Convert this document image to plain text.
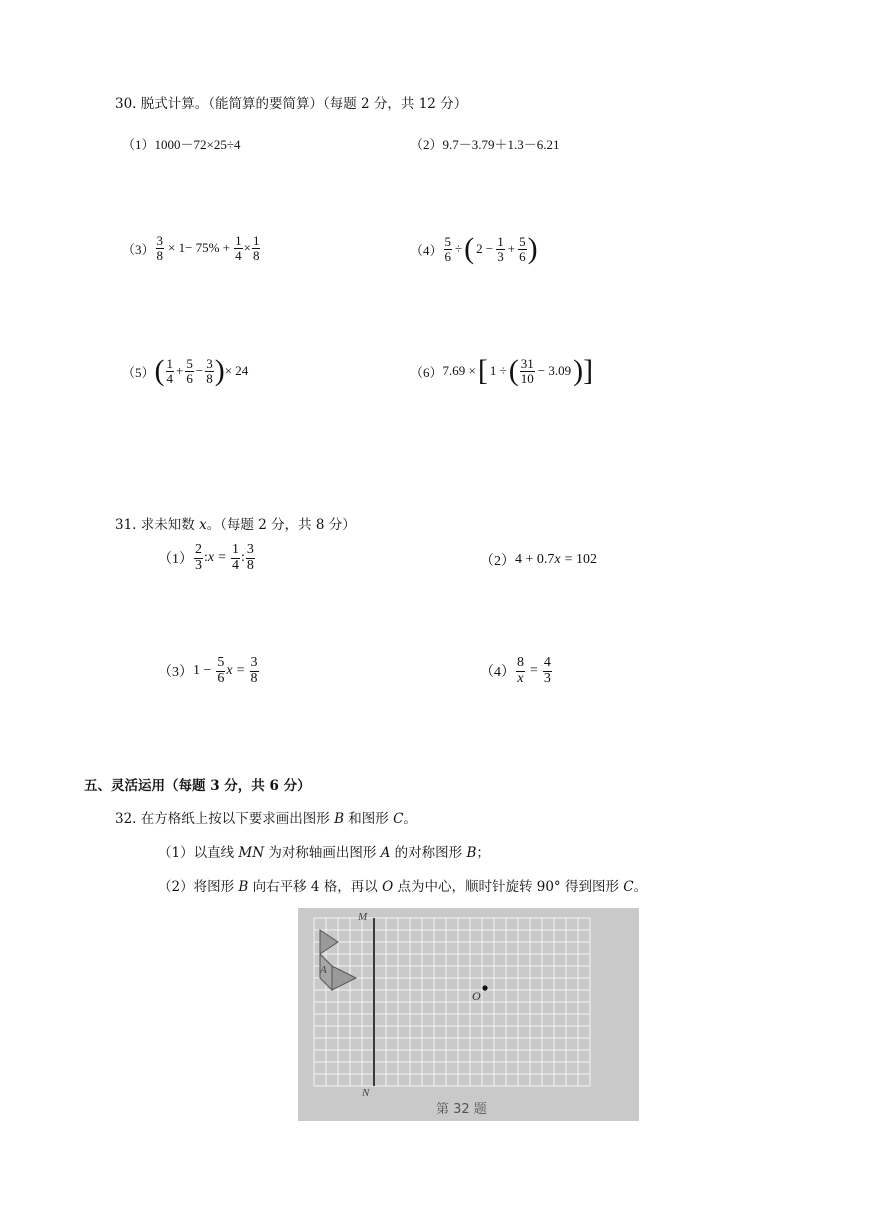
30. 脱式计算。（能简算的要简算）（每题 2 分，共 12 分）
（1） 1000－72×25÷4	（2） 9.7－3.79＋1.3－6.21
$(3) \frac{3}{8} \times 1- 75\% + \frac{1}{4} \times \frac{1}{8}$	$(4) \frac{5}{6}$ ÷ ( $2 - \frac{1}{3} + \frac{5}{6}$ )
（5） ( $\frac{1}{4} + \frac{5}{6} - \frac{3}{8}$ ) × 24	（6） 7.69 × [ 1 ÷ ( $\frac{31}{10} - 3.09$ ) ]
31. 求未知数 x。（每题 2 分，共 8 分）
$(1) \frac{2}{3}$ : $x = \frac{1}{4}$ : $\frac{3}{8}$	（2） 4 + 0.7 x = 102
（3） $1 - \frac{5}{6}$ $x = \frac{3}{8}$	$(4) \frac{8}{x} = \frac{4}{3}$
五、灵活运用（每题 3 分，共 6 分）
32. 在方格纸上按以下要求画出图形 B 和图形 C。
（1）以直线 MN 为对称轴画出图形 A 的对称图形 B；
（2）将图形 B 向右平移 4 格，再以 O 点为中心，顺时针旋转 90° 得到图形 C。
M
N
A
O
第 32 题
